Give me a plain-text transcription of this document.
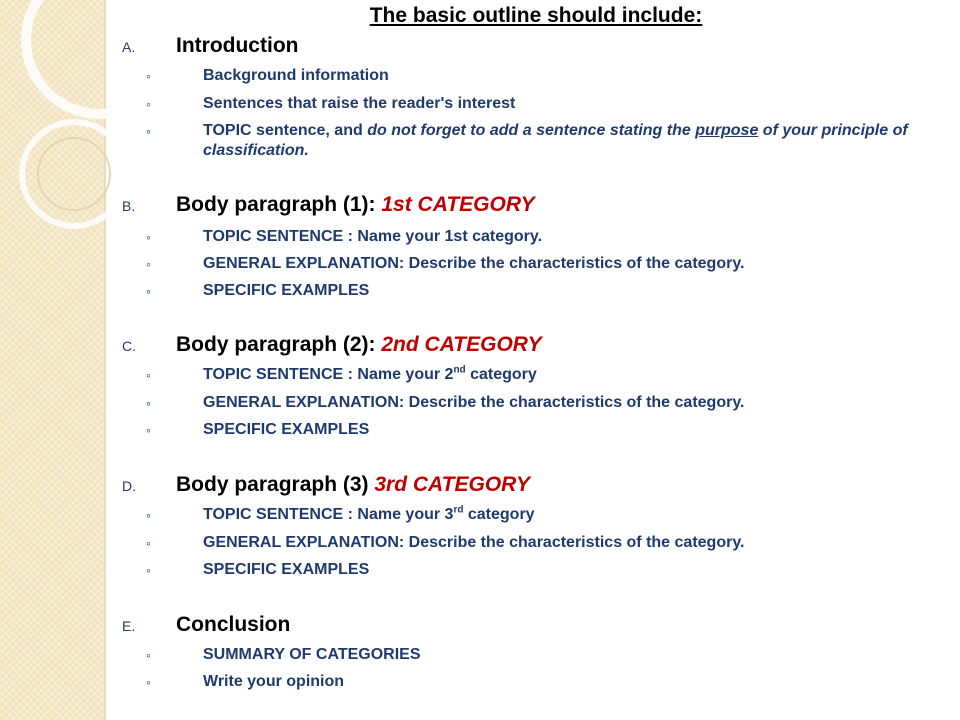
The basic outline should include:
A. Introduction
◦	Background information
◦	Sentences that raise the reader's interest
◦	TOPIC sentence, and do not forget to add a sentence stating the purpose of your principle of classification.
B. Body paragraph (1): 1st CATEGORY
◦	TOPIC SENTENCE : Name your 1st category.
◦	GENERAL EXPLANATION: Describe the characteristics of the category.
◦	SPECIFIC EXAMPLES
C. Body paragraph (2): 2nd CATEGORY
◦	TOPIC SENTENCE : Name your 2nd category
◦	GENERAL EXPLANATION: Describe the characteristics of the category.
◦	SPECIFIC EXAMPLES
D. Body paragraph (3) 3rd CATEGORY
◦	TOPIC SENTENCE : Name your 3rd category
◦	GENERAL EXPLANATION: Describe the characteristics of the category.
◦	SPECIFIC EXAMPLES
E. Conclusion
◦	SUMMARY OF CATEGORIES
◦	Write your opinion
